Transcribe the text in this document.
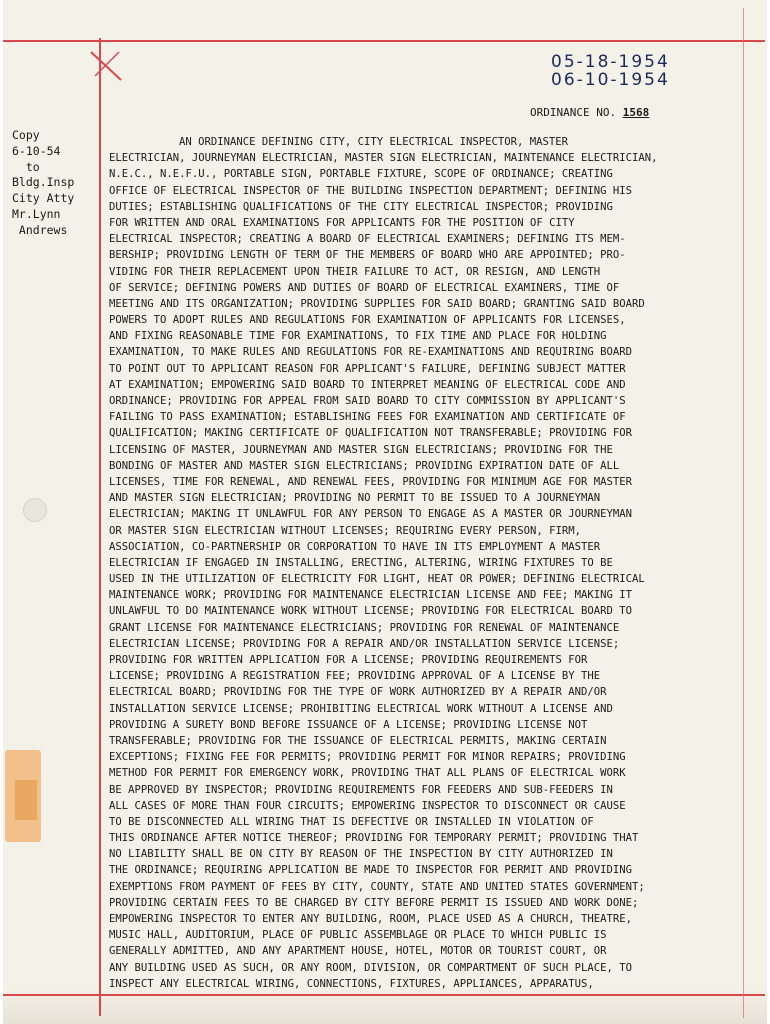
05-18-1954

06-10-1954

ORDINANCE NO. 1568

Copy
6-10-54
to
Bldg.Insp
City Atty
Mr.Lynn
Andrews

AN ORDINANCE DEFINING CITY, CITY ELECTRICAL INSPECTOR, MASTER
ELECTRICIAN, JOURNEYMAN ELECTRICIAN, MASTER SIGN ELECTRICIAN, MAINTENANCE ELECTRICIAN,
N.E.C., N.E.F.U., PORTABLE SIGN, PORTABLE FIXTURE, SCOPE OF ORDINANCE; CREATING
OFFICE OF ELECTRICAL INSPECTOR OF THE BUILDING INSPECTION DEPARTMENT; DEFINING HIS
DUTIES; ESTABLISHING QUALIFICATIONS OF THE CITY ELECTRICAL INSPECTOR; PROVIDING
FOR WRITTEN AND ORAL EXAMINATIONS FOR APPLICANTS FOR THE POSITION OF CITY
ELECTRICAL INSPECTOR; CREATING A BOARD OF ELECTRICAL EXAMINERS; DEFINING ITS MEM-
BERSHIP; PROVIDING LENGTH OF TERM OF THE MEMBERS OF BOARD WHO ARE APPOINTED; PRO-
VIDING FOR THEIR REPLACEMENT UPON THEIR FAILURE TO ACT, OR RESIGN, AND LENGTH
OF SERVICE; DEFINING POWERS AND DUTIES OF BOARD OF ELECTRICAL EXAMINERS, TIME OF
MEETING AND ITS ORGANIZATION; PROVIDING SUPPLIES FOR SAID BOARD; GRANTING SAID BOARD
POWERS TO ADOPT RULES AND REGULATIONS FOR EXAMINATION OF APPLICANTS FOR LICENSES,
AND FIXING REASONABLE TIME FOR EXAMINATIONS, TO FIX TIME AND PLACE FOR HOLDING
EXAMINATION, TO MAKE RULES AND REGULATIONS FOR RE-EXAMINATIONS AND REQUIRING BOARD
TO POINT OUT TO APPLICANT REASON FOR APPLICANT'S FAILURE, DEFINING SUBJECT MATTER
AT EXAMINATION; EMPOWERING SAID BOARD TO INTERPRET MEANING OF ELECTRICAL CODE AND
ORDINANCE; PROVIDING FOR APPEAL FROM SAID BOARD TO CITY COMMISSION BY APPLICANT'S
FAILING TO PASS EXAMINATION; ESTABLISHING FEES FOR EXAMINATION AND CERTIFICATE OF
QUALIFICATION; MAKING CERTIFICATE OF QUALIFICATION NOT TRANSFERABLE; PROVIDING FOR
LICENSING OF MASTER, JOURNEYMAN AND MASTER SIGN ELECTRICIANS; PROVIDING FOR THE
BONDING OF MASTER AND MASTER SIGN ELECTRICIANS; PROVIDING EXPIRATION DATE OF ALL
LICENSES, TIME FOR RENEWAL, AND RENEWAL FEES, PROVIDING FOR MINIMUM AGE FOR MASTER
AND MASTER SIGN ELECTRICIAN; PROVIDING NO PERMIT TO BE ISSUED TO A JOURNEYMAN
ELECTRICIAN; MAKING IT UNLAWFUL FOR ANY PERSON TO ENGAGE AS A MASTER OR JOURNEYMAN
OR MASTER SIGN ELECTRICIAN WITHOUT LICENSES; REQUIRING EVERY PERSON, FIRM,
ASSOCIATION, CO-PARTNERSHIP OR CORPORATION TO HAVE IN ITS EMPLOYMENT A MASTER
ELECTRICIAN IF ENGAGED IN INSTALLING, ERECTING, ALTERING, WIRING FIXTURES TO BE
USED IN THE UTILIZATION OF ELECTRICITY FOR LIGHT, HEAT OR POWER; DEFINING ELECTRICAL
MAINTENANCE WORK; PROVIDING FOR MAINTENANCE ELECTRICIAN LICENSE AND FEE; MAKING IT
UNLAWFUL TO DO MAINTENANCE WORK WITHOUT LICENSE; PROVIDING FOR ELECTRICAL BOARD TO
GRANT LICENSE FOR MAINTENANCE ELECTRICIANS; PROVIDING FOR RENEWAL OF MAINTENANCE
ELECTRICIAN LICENSE; PROVIDING FOR A REPAIR AND/OR INSTALLATION SERVICE LICENSE;
PROVIDING FOR WRITTEN APPLICATION FOR A LICENSE; PROVIDING REQUIREMENTS FOR
LICENSE; PROVIDING A REGISTRATION FEE; PROVIDING APPROVAL OF A LICENSE BY THE
ELECTRICAL BOARD; PROVIDING FOR THE TYPE OF WORK AUTHORIZED BY A REPAIR AND/OR
INSTALLATION SERVICE LICENSE; PROHIBITING ELECTRICAL WORK WITHOUT A LICENSE AND
PROVIDING A SURETY BOND BEFORE ISSUANCE OF A LICENSE; PROVIDING LICENSE NOT
TRANSFERABLE; PROVIDING FOR THE ISSUANCE OF ELECTRICAL PERMITS, MAKING CERTAIN
EXCEPTIONS; FIXING FEE FOR PERMITS; PROVIDING PERMIT FOR MINOR REPAIRS; PROVIDING
METHOD FOR PERMIT FOR EMERGENCY WORK, PROVIDING THAT ALL PLANS OF ELECTRICAL WORK
BE APPROVED BY INSPECTOR; PROVIDING REQUIREMENTS FOR FEEDERS AND SUB-FEEDERS IN
ALL CASES OF MORE THAN FOUR CIRCUITS; EMPOWERING INSPECTOR TO DISCONNECT OR CAUSE
TO BE DISCONNECTED ALL WIRING THAT IS DEFECTIVE OR INSTALLED IN VIOLATION OF
THIS ORDINANCE AFTER NOTICE THEREOF; PROVIDING FOR TEMPORARY PERMIT; PROVIDING THAT
NO LIABILITY SHALL BE ON CITY BY REASON OF THE INSPECTION BY CITY AUTHORIZED IN
THE ORDINANCE; REQUIRING APPLICATION BE MADE TO INSPECTOR FOR PERMIT AND PROVIDING
EXEMPTIONS FROM PAYMENT OF FEES BY CITY, COUNTY, STATE AND UNITED STATES GOVERNMENT;
PROVIDING CERTAIN FEES TO BE CHARGED BY CITY BEFORE PERMIT IS ISSUED AND WORK DONE;
EMPOWERING INSPECTOR TO ENTER ANY BUILDING, ROOM, PLACE USED AS A CHURCH, THEATRE,
MUSIC HALL, AUDITORIUM, PLACE OF PUBLIC ASSEMBLAGE OR PLACE TO WHICH PUBLIC IS
GENERALLY ADMITTED, AND ANY APARTMENT HOUSE, HOTEL, MOTOR OR TOURIST COURT, OR
ANY BUILDING USED AS SUCH, OR ANY ROOM, DIVISION, OR COMPARTMENT OF SUCH PLACE, TO
INSPECT ANY ELECTRICAL WIRING, CONNECTIONS, FIXTURES, APPLIANCES, APPARATUS,
